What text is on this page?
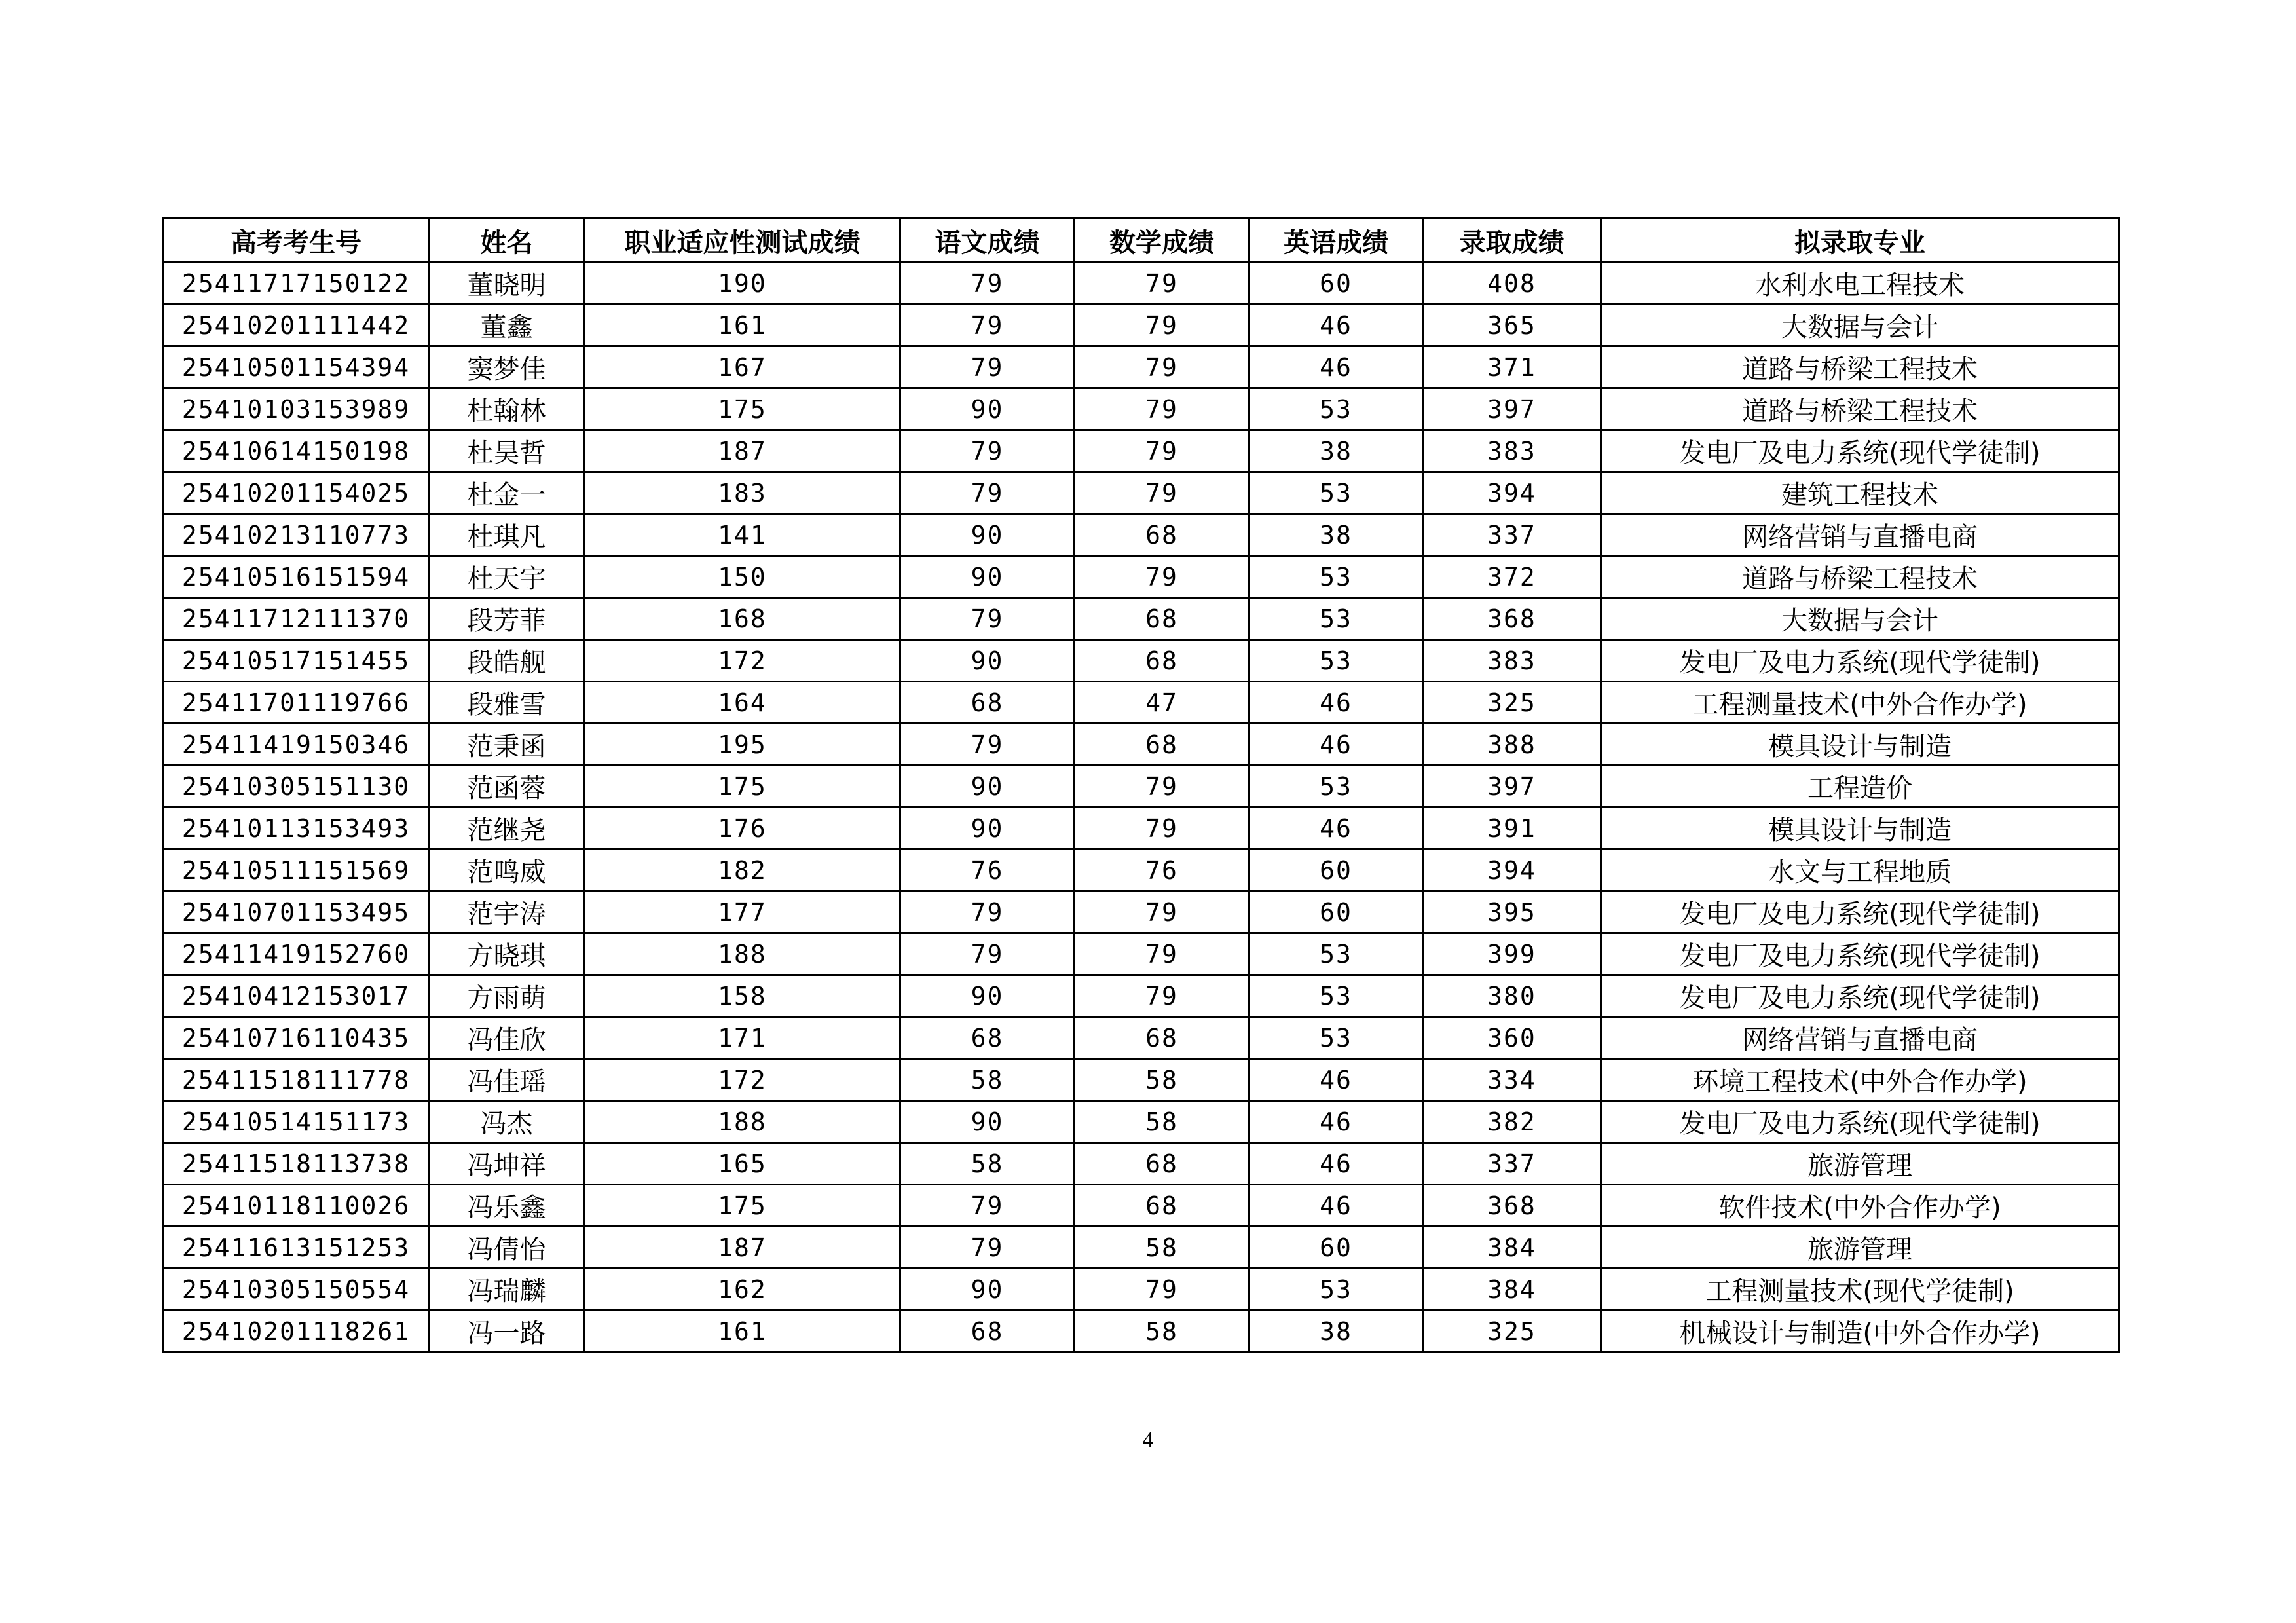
高考考生号	姓名	职业适应性测试成绩	语文成绩	数学成绩	英语成绩	录取成绩	拟录取专业
25411717150122	董晓明	190	79	79	60	408	水利水电工程技术
25410201111442	董鑫	161	79	79	46	365	大数据与会计
25410501154394	窦梦佳	167	79	79	46	371	道路与桥梁工程技术
25410103153989	杜翰林	175	90	79	53	397	道路与桥梁工程技术
25410614150198	杜昊哲	187	79	79	38	383	发电厂及电力系统(现代学徒制)
25410201154025	杜金一	183	79	79	53	394	建筑工程技术
25410213110773	杜琪凡	141	90	68	38	337	网络营销与直播电商
25410516151594	杜天宇	150	90	79	53	372	道路与桥梁工程技术
25411712111370	段芳菲	168	79	68	53	368	大数据与会计
25410517151455	段皓舰	172	90	68	53	383	发电厂及电力系统(现代学徒制)
25411701119766	段雅雪	164	68	47	46	325	工程测量技术(中外合作办学)
25411419150346	范秉函	195	79	68	46	388	模具设计与制造
25410305151130	范函蓉	175	90	79	53	397	工程造价
25410113153493	范继尧	176	90	79	46	391	模具设计与制造
25410511151569	范鸣威	182	76	76	60	394	水文与工程地质
25410701153495	范宇涛	177	79	79	60	395	发电厂及电力系统(现代学徒制)
25411419152760	方晓琪	188	79	79	53	399	发电厂及电力系统(现代学徒制)
25410412153017	方雨萌	158	90	79	53	380	发电厂及电力系统(现代学徒制)
25410716110435	冯佳欣	171	68	68	53	360	网络营销与直播电商
25411518111778	冯佳瑶	172	58	58	46	334	环境工程技术(中外合作办学)
25410514151173	冯杰	188	90	58	46	382	发电厂及电力系统(现代学徒制)
25411518113738	冯坤祥	165	58	68	46	337	旅游管理
25410118110026	冯乐鑫	175	79	68	46	368	软件技术(中外合作办学)
25411613151253	冯倩怡	187	79	58	60	384	旅游管理
25410305150554	冯瑞麟	162	90	79	53	384	工程测量技术(现代学徒制)
25410201118261	冯一路	161	68	58	38	325	机械设计与制造(中外合作办学)
4
